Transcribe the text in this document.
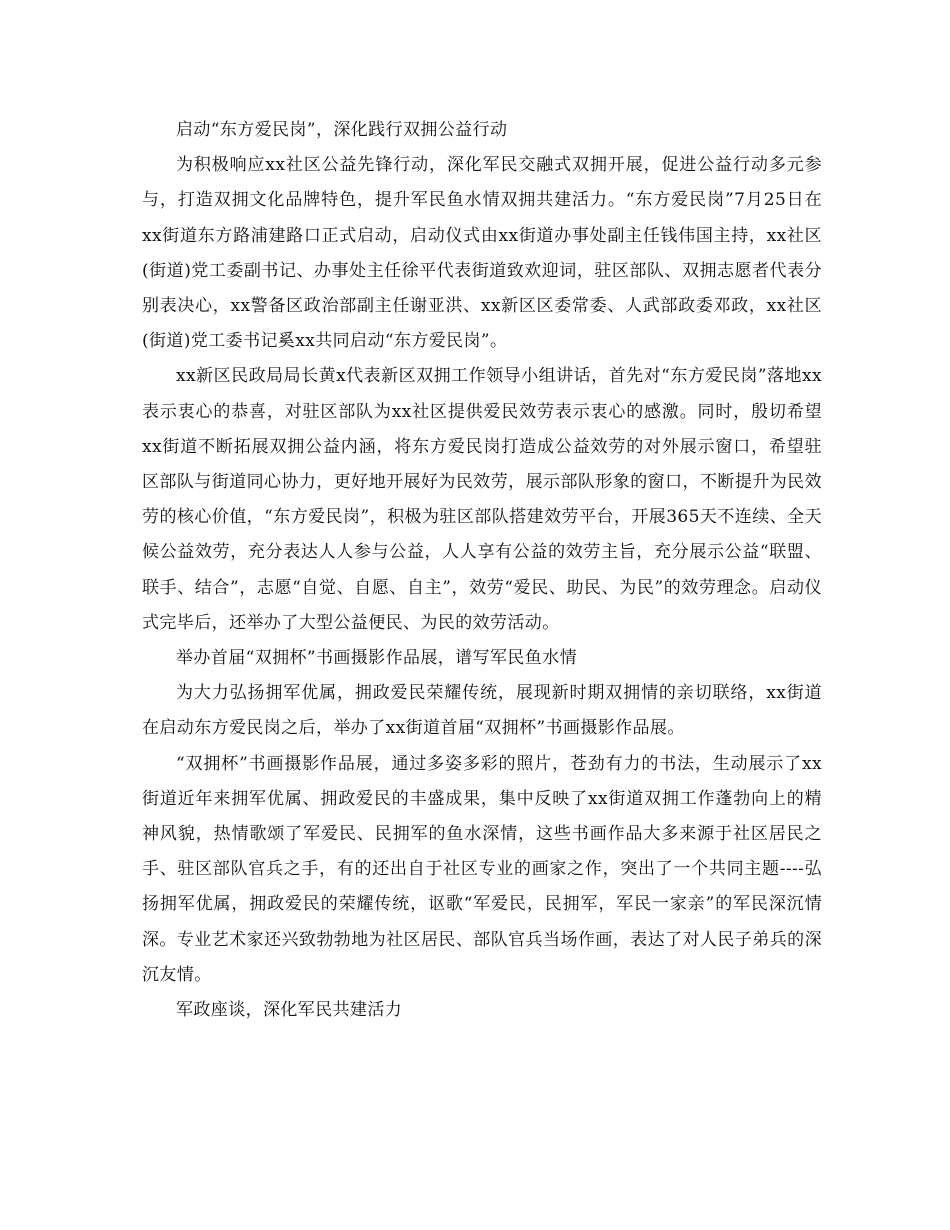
启动“东方爱民岗”，深化践行双拥公益行动

为积极响应xx社区公益先锋行动，深化军民交融式双拥开展，促进公益行动多元参与，打造双拥文化品牌特色，提升军民鱼水情双拥共建活力。“东方爱民岗”7月25日在xx街道东方路浦建路口正式启动，启动仪式由xx街道办事处副主任钱伟国主持，xx社区(街道)党工委副书记、办事处主任徐平代表街道致欢迎词，驻区部队、双拥志愿者代表分别表决心，xx警备区政治部副主任谢亚洪、xx新区区委常委、人武部政委邓政，xx社区(街道)党工委书记奚xx共同启动“东方爱民岗”。

xx新区民政局局长黄x代表新区双拥工作领导小组讲话，首先对“东方爱民岗”落地xx表示衷心的恭喜，对驻区部队为xx社区提供爱民效劳表示衷心的感激。同时，殷切希望xx街道不断拓展双拥公益内涵，将东方爱民岗打造成公益效劳的对外展示窗口，希望驻区部队与街道同心协力，更好地开展好为民效劳，展示部队形象的窗口，不断提升为民效劳的核心价值，“东方爱民岗”，积极为驻区部队搭建效劳平台，开展365天不连续、全天候公益效劳，充分表达人人参与公益，人人享有公益的效劳主旨，充分展示公益“联盟、联手、结合”，志愿“自觉、自愿、自主”，效劳“爱民、助民、为民”的效劳理念。启动仪式完毕后，还举办了大型公益便民、为民的效劳活动。

举办首届“双拥杯”书画摄影作品展，谱写军民鱼水情

为大力弘扬拥军优属，拥政爱民荣耀传统，展现新时期双拥情的亲切联络，xx街道在启动东方爱民岗之后，举办了xx街道首届“双拥杯”书画摄影作品展。

“双拥杯”书画摄影作品展，通过多姿多彩的照片，苍劲有力的书法，生动展示了xx街道近年来拥军优属、拥政爱民的丰盛成果，集中反映了xx街道双拥工作蓬勃向上的精神风貌，热情歌颂了军爱民、民拥军的鱼水深情，这些书画作品大多来源于社区居民之手、驻区部队官兵之手，有的还出自于社区专业的画家之作，突出了一个共同主题----弘扬拥军优属，拥政爱民的荣耀传统，讴歌“军爱民，民拥军，军民一家亲”的军民深沉情深。专业艺术家还兴致勃勃地为社区居民、部队官兵当场作画，表达了对人民子弟兵的深沉友情。

军政座谈，深化军民共建活力
